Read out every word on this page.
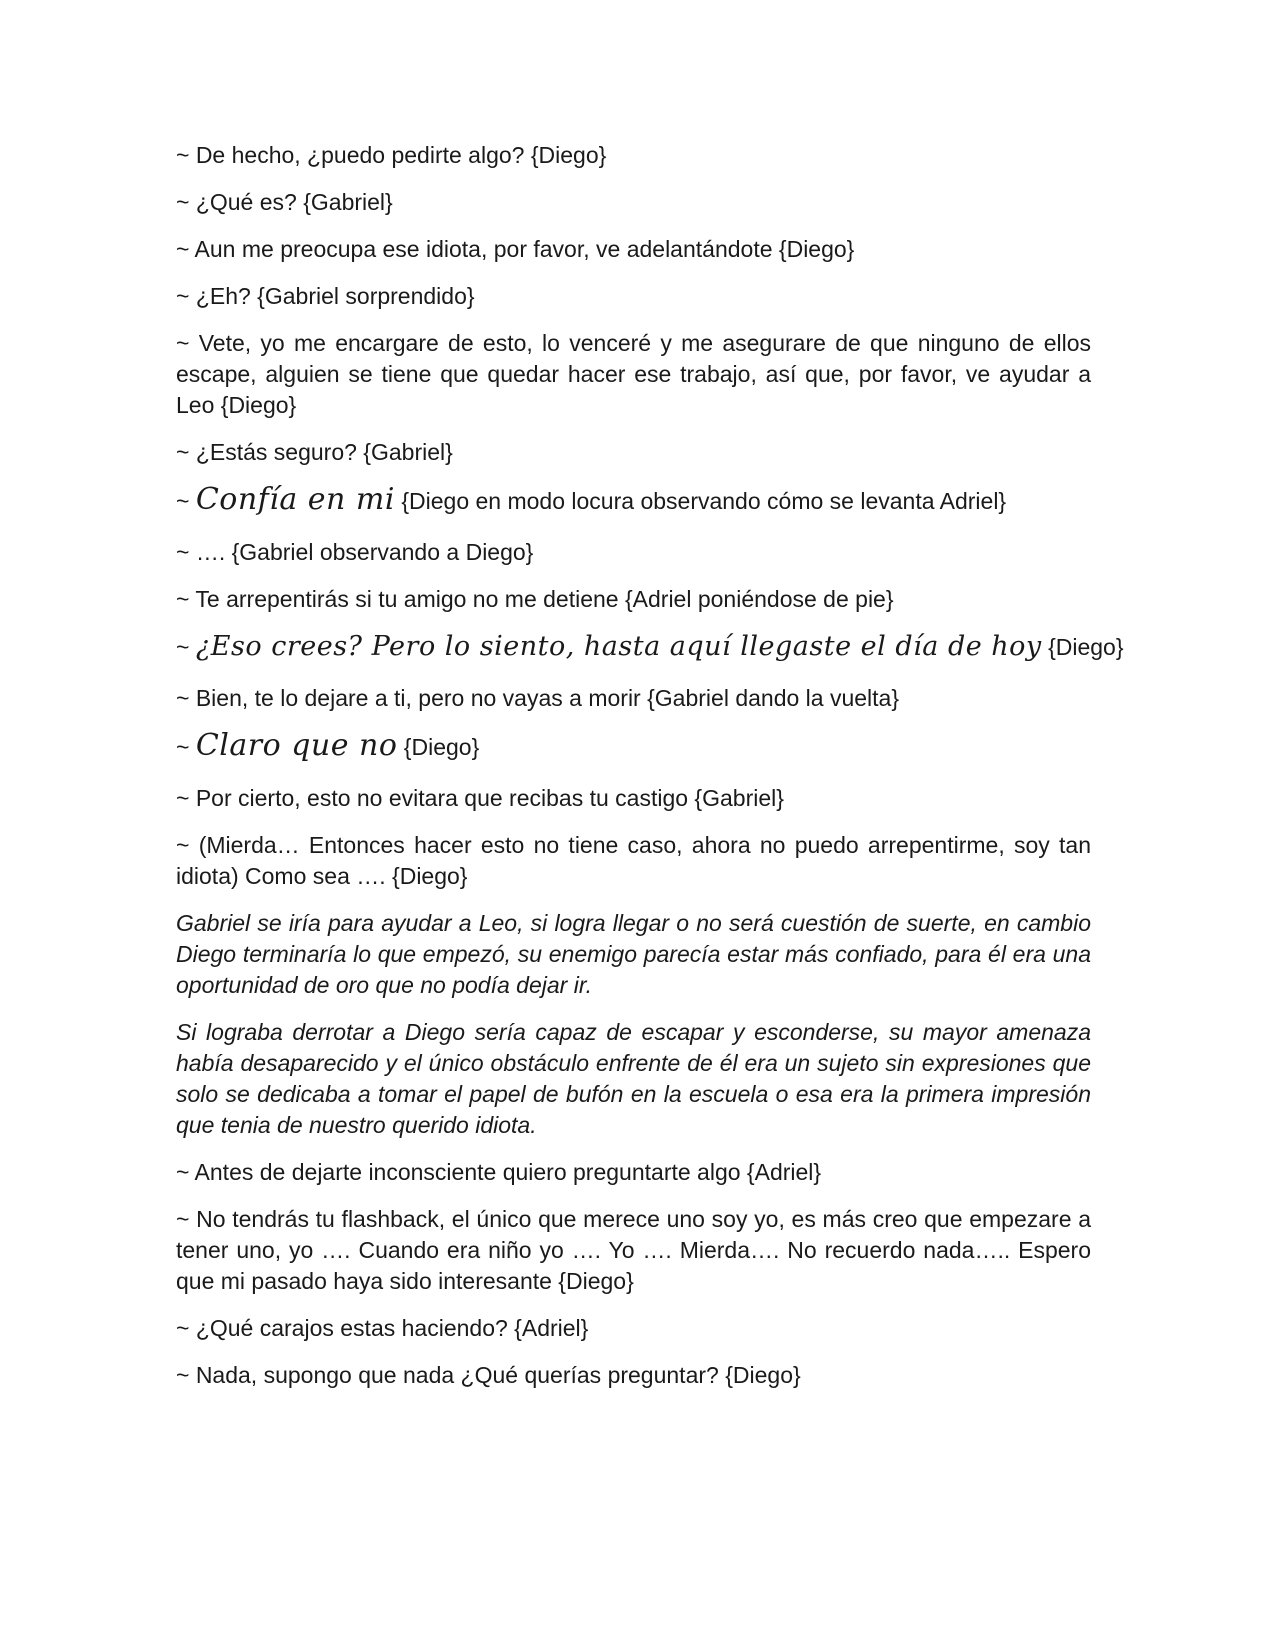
~ De hecho, ¿puedo pedirte algo? {Diego}

~ ¿Qué es? {Gabriel}

~ Aun me preocupa ese idiota, por favor, ve adelantándote {Diego}

~ ¿Eh? {Gabriel sorprendido}

~ Vete, yo me encargare de esto, lo venceré y me asegurare de que ninguno de ellos escape, alguien se tiene que quedar hacer ese trabajo, así que, por favor, ve ayudar a Leo {Diego}

~ ¿Estás seguro? {Gabriel}

~ Confía en mi {Diego en modo locura observando cómo se levanta Adriel}

~ …. {Gabriel observando a Diego}

~ Te arrepentirás si tu amigo no me detiene {Adriel poniéndose de pie}

~ ¿Eso crees? Pero lo siento, hasta aquí llegaste el día de hoy {Diego}

~ Bien, te lo dejare a ti, pero no vayas a morir {Gabriel dando la vuelta}

~ Claro que no {Diego}

~ Por cierto, esto no evitara que recibas tu castigo {Gabriel}

~ (Mierda… Entonces hacer esto no tiene caso, ahora no puedo arrepentirme, soy tan idiota) Como sea …. {Diego}

Gabriel se iría para ayudar a Leo, si logra llegar o no será cuestión de suerte, en cambio Diego terminaría lo que empezó, su enemigo parecía estar más confiado, para él era una oportunidad de oro que no podía dejar ir.

Si lograba derrotar a Diego sería capaz de escapar y esconderse, su mayor amenaza había desaparecido y el único obstáculo enfrente de él era un sujeto sin expresiones que solo se dedicaba a tomar el papel de bufón en la escuela o esa era la primera impresión que tenia de nuestro querido idiota.

~ Antes de dejarte inconsciente quiero preguntarte algo {Adriel}

~ No tendrás tu flashback, el único que merece uno soy yo, es más creo que empezare a tener uno, yo …. Cuando era niño yo …. Yo …. Mierda…. No recuerdo nada….. Espero que mi pasado haya sido interesante {Diego}

~ ¿Qué carajos estas haciendo? {Adriel}

~ Nada, supongo que nada ¿Qué querías preguntar? {Diego}
